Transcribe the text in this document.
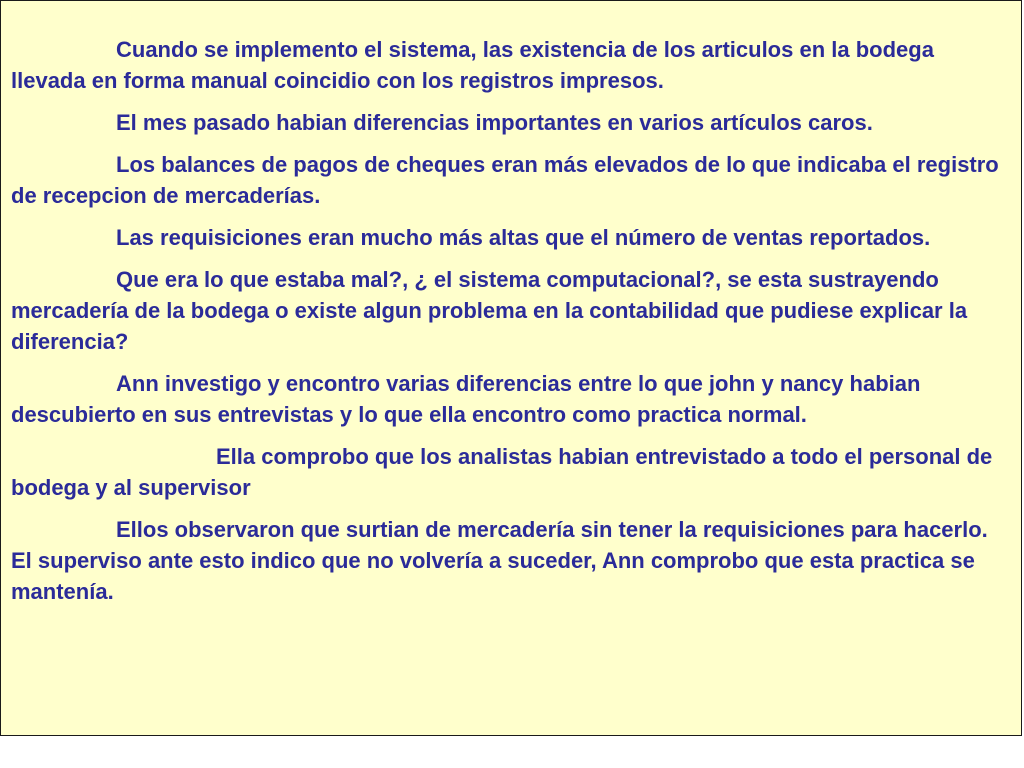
Cuando se implemento el sistema, las existencia de los articulos en la bodega llevada en forma manual coincidio con los registros impresos.

El mes pasado habian diferencias importantes en varios artículos caros.

Los balances de pagos de cheques eran más elevados de lo que indicaba el registro de recepcion de mercaderías.

Las requisiciones eran mucho más altas que el número de ventas reportados.

Que era lo que estaba mal?, ¿ el sistema computacional?, se esta sustrayendo mercadería de la bodega o existe algun problema en la contabilidad que pudiese explicar la diferencia?

Ann investigo y encontro varias diferencias entre lo que john y nancy habian descubierto en sus entrevistas y lo que ella encontro como practica normal.

Ella comprobo que los analistas habian entrevistado a todo el personal de bodega y al supervisor

Ellos observaron que surtian de mercadería sin tener la requisiciones para hacerlo. El superviso ante esto indico que no volvería a suceder, Ann comprobo que esta practica se mantenía.
